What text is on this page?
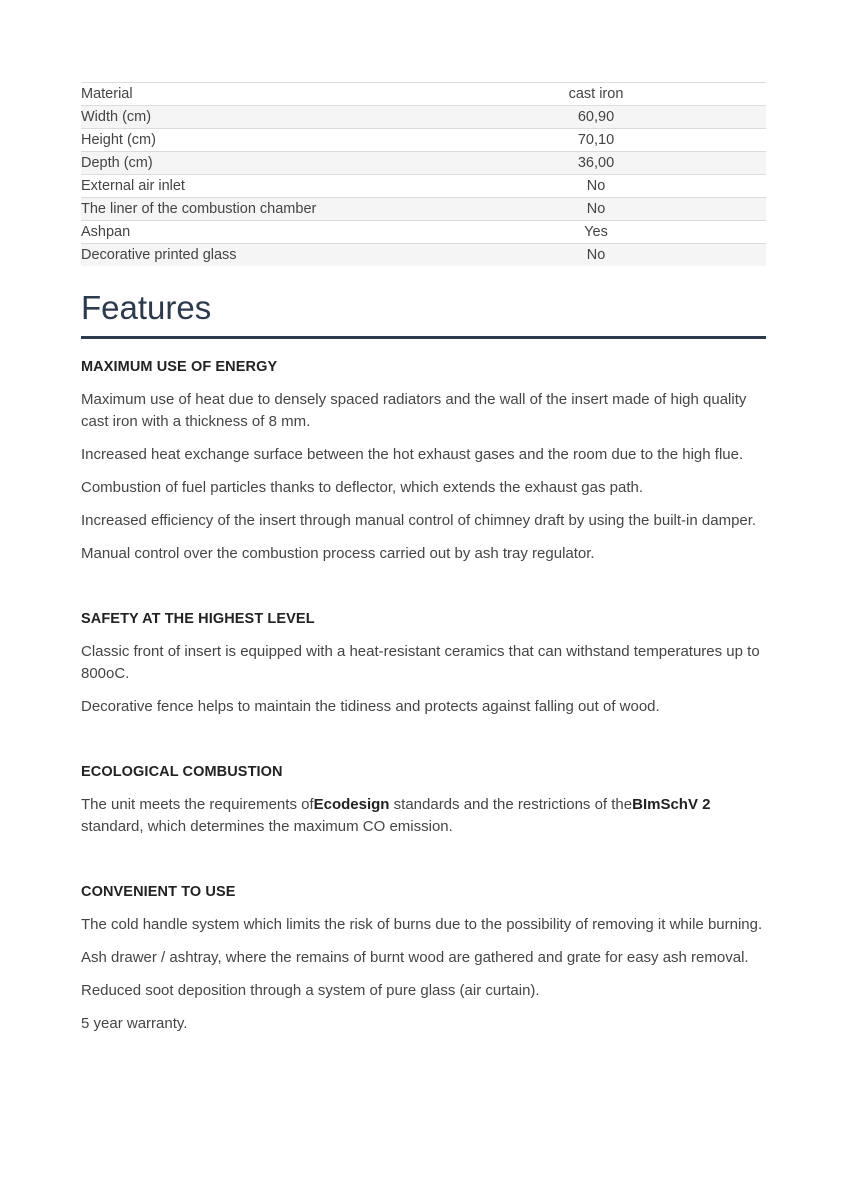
Material	cast iron	
Width (cm)	60,90	
Height (cm)	70,10	
Depth (cm)	36,00	
External air inlet	No	
The liner of the combustion chamber	No	
Ashpan	Yes	
Decorative printed glass	No	
Features
MAXIMUM USE OF ENERGY

Maximum use of heat due to densely spaced radiators and the wall of the insert made of high quality cast iron with a thickness of 8 mm.

Increased heat exchange surface between the hot exhaust gases and the room due to the high flue.

Combustion of fuel particles thanks to deflector, which extends the exhaust gas path.

Increased efficiency of the insert through manual control of chimney draft by using the built-in damper.

Manual control over the combustion process carried out by ash tray regulator.

SAFETY AT THE HIGHEST LEVEL

Classic front of insert is equipped with a heat-resistant ceramics that can withstand temperatures up to 800oC.

Decorative fence helps to maintain the tidiness and protects against falling out of wood.

ECOLOGICAL COMBUSTION

The unit meets the requirements ofEcodesign standards and the restrictions of theBImSchV 2 standard, which determines the maximum CO emission.

CONVENIENT TO USE

The cold handle system which limits the risk of burns due to the possibility of removing it while burning.

Ash drawer / ashtray, where the remains of burnt wood are gathered and grate for easy ash removal.

Reduced soot deposition through a system of pure glass (air curtain).

5 year warranty.
